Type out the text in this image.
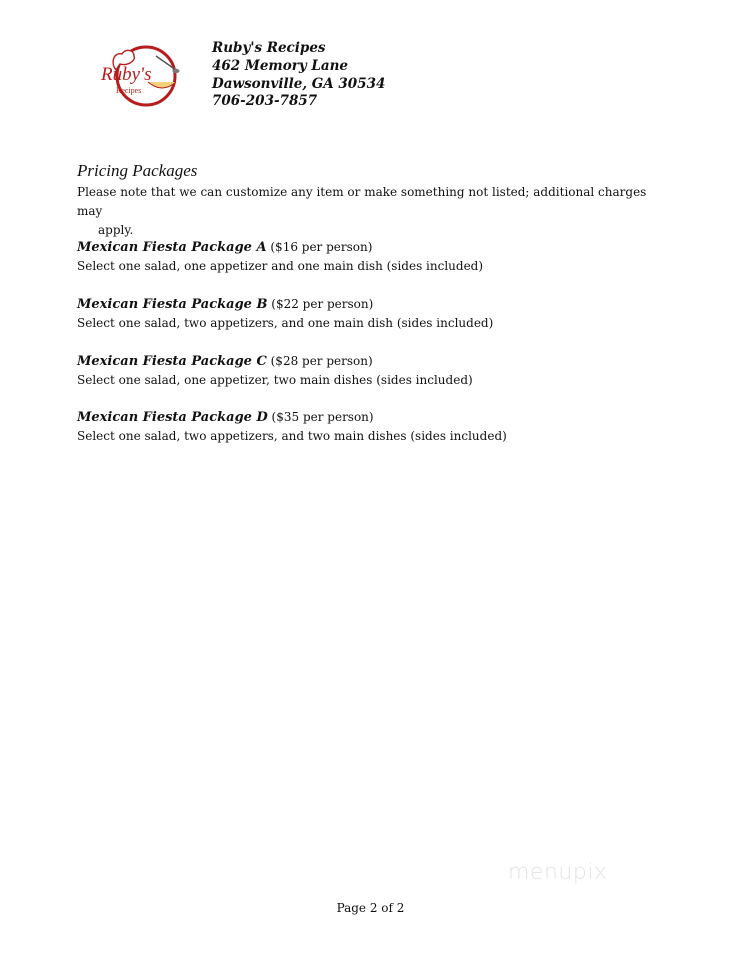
Ruby's
Recipes
Ruby's Recipes
462 Memory Lane
Dawsonville, GA 30534
706-203-7857
Pricing Packages
Please note that we can customize any item or make something not listed; additional charges may
apply.
Mexican Fiesta Package A ($16 per person)
Select one salad, one appetizer and one main dish (sides included)
Mexican Fiesta Package B ($22 per person)
Select one salad, two appetizers, and one main dish (sides included)
Mexican Fiesta Package C ($28 per person)
Select one salad, one appetizer, two main dishes (sides included)
Mexican Fiesta Package D ($35 per person)
Select one salad, two appetizers, and two main dishes (sides included)
menupix
Page 2 of 2
